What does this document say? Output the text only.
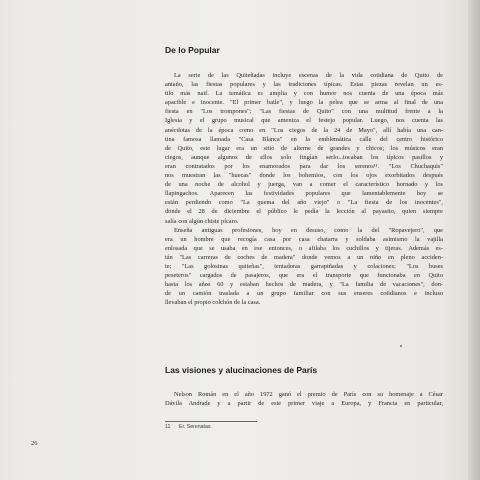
De lo Popular
La serie de las Quiteñadas incluye escenas de la vida cotidiana de Quito de
antaño, las fiestas populares y las tradiciones típicas. Estas piezas revelan un es-
tilo más naif. La temática es amplia y con humor nos cuenta de una época más
apacible e inocente. "El primer baile", y luego la pelea que se arma al final de una
fiesta en "Los trompones"; "Las fiestas de Quito" con una multitud frente a la
Iglesia y el grupo musical que ameniza el festejo popular. Luego, nos cuenta las
anécdotas de la época como en "Los ciegos de la 24 de Mayo", allí había una can-
tina famosa llamada "Casa Blanca" en la emblemática calle del centro histórico
de Quito, este lugar era un sitio de alterne de grandes y chicos; los músicos eran
ciegos, aunque algunos de ellos solo fingían serlo...tocaban los típicos pasillos y
eran contratados por los enamorados para dar los serenos¹¹. "Los Chuchaquis"
nos muestran las "huecas" donde los bohemios, con los ojos exorbitados después
de una noche de alcohol y juerga, van a comer el característico hornado y los
llapingachos. Aparecen las festividades populares que lamentablemente hoy se
están perdiendo como "La quema del año viejo" o "La fiesta de los inocentes",
donde el 28 de diciembre el público le pedía la lección al payasito, quien siempre
salía con algún chiste pícaro.
Enseña antiguas profesiones, hoy en desuso, como la del "Ropavejero", que
era un hombre que recogía casa por casa chatarra y soldaba asimismo la vajilla
enlosada que se usaba en ese entonces, o afilaba los cuchillos y tijeras. Además es-
tán "Las carreras de coches de madera" donde vemos a un niño en pleno acciden-
te; "Las golosinas quiteñas", tentadoras garrapiñadas y colaciones; "Los buses
peseteros" cargados de pasajeros, que era el transporte que funcionaba en Quito
hasta los años 60 y estaban hechos de madera, y "La familia de vacaciones", don-
de un camión traslada a un grupo familiar con sus enseres cotidianos e incluso
llevaban el propio colchón de la casa.
Las visiones y alucinaciones de París
Nelson Román en el año 1972 ganó el premio de París con su homenaje a César
Dávila Andrade y a partir de este primer viaje a Europa, y Francia en particular,
11 Er. Serenatas.
26
